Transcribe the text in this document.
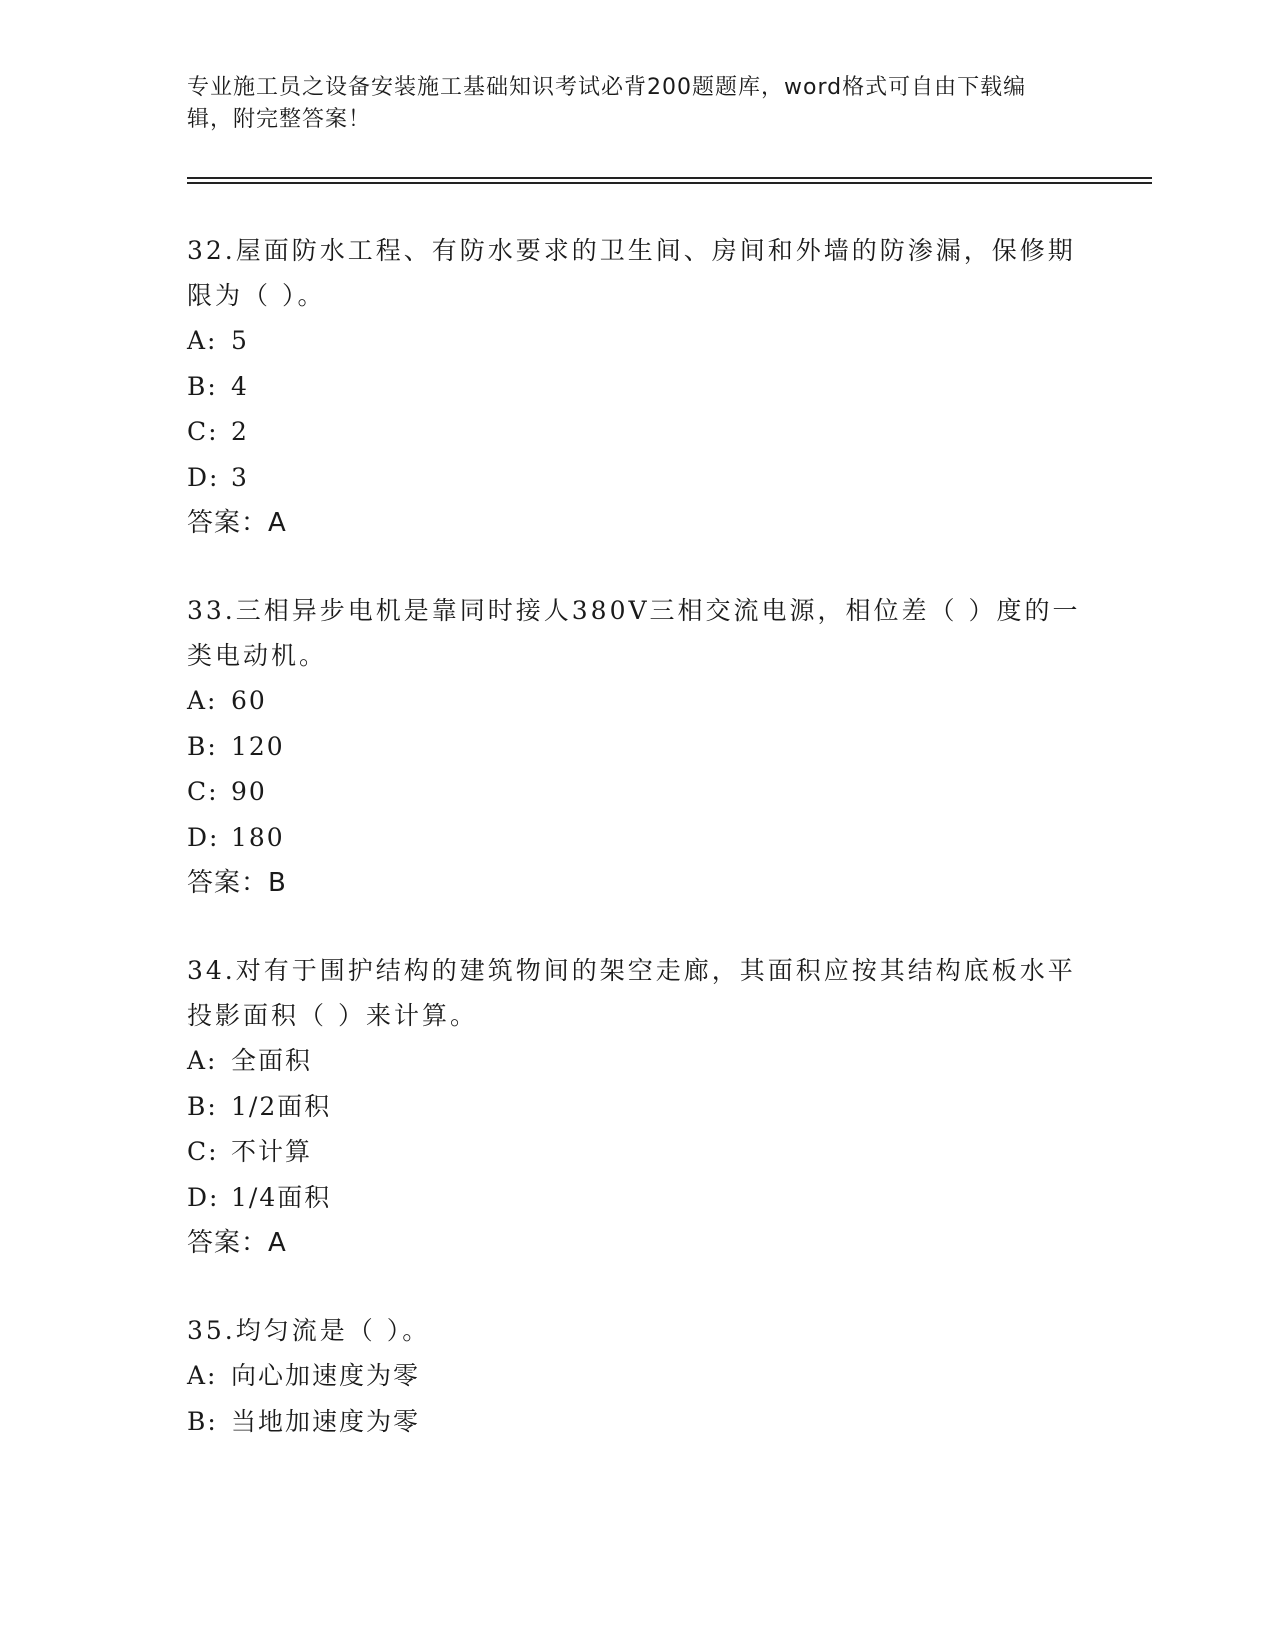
专业施工员之设备安装施工基础知识考试必背200题题库，word格式可自由下载编辑，附完整答案！
32.屋面防水工程、有防水要求的卫生间、房间和外墙的防渗漏，保修期限为（ ）。
A: 5
B: 4
C: 2
D: 3
答案：A
33.三相异步电机是靠同时接人380V三相交流电源，相位差（ ）度的一类电动机。
A: 60
B: 120
C: 90
D: 180
答案：B
34.对有于围护结构的建筑物间的架空走廊，其面积应按其结构底板水平投影面积（ ）来计算。
A: 全面积
B: 1/2面积
C: 不计算
D: 1/4面积
答案：A
35.均匀流是（ ）。
A: 向心加速度为零
B: 当地加速度为零
